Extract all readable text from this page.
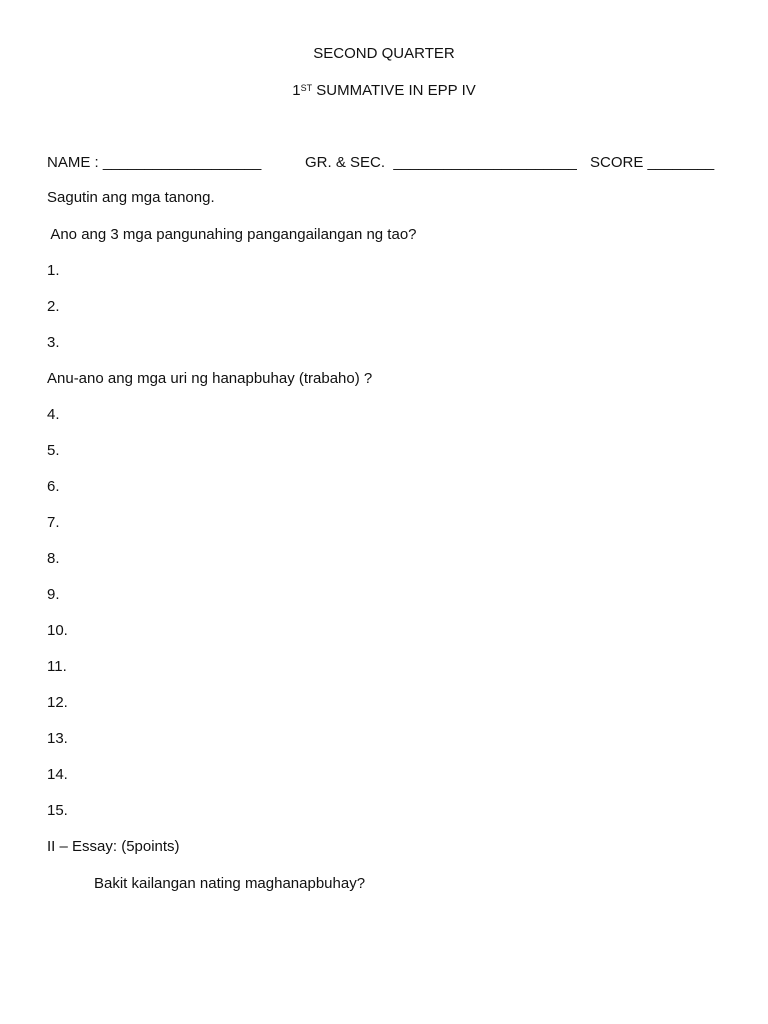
SECOND QUARTER
1ST SUMMATIVE IN EPP IV
NAME : ___________________	GR. & SEC.  ______________________ SCORE ________
Sagutin ang mga tanong.
Ano ang 3 mga pangunahing pangangailangan ng tao?
1.
2.
3.
Anu-ano ang mga uri ng hanapbuhay (trabaho) ?
4.
5.
6.
7.
8.
9.
10.
11.
12.
13.
14.
15.
II – Essay: (5points)
Bakit kailangan nating maghanapbuhay?
